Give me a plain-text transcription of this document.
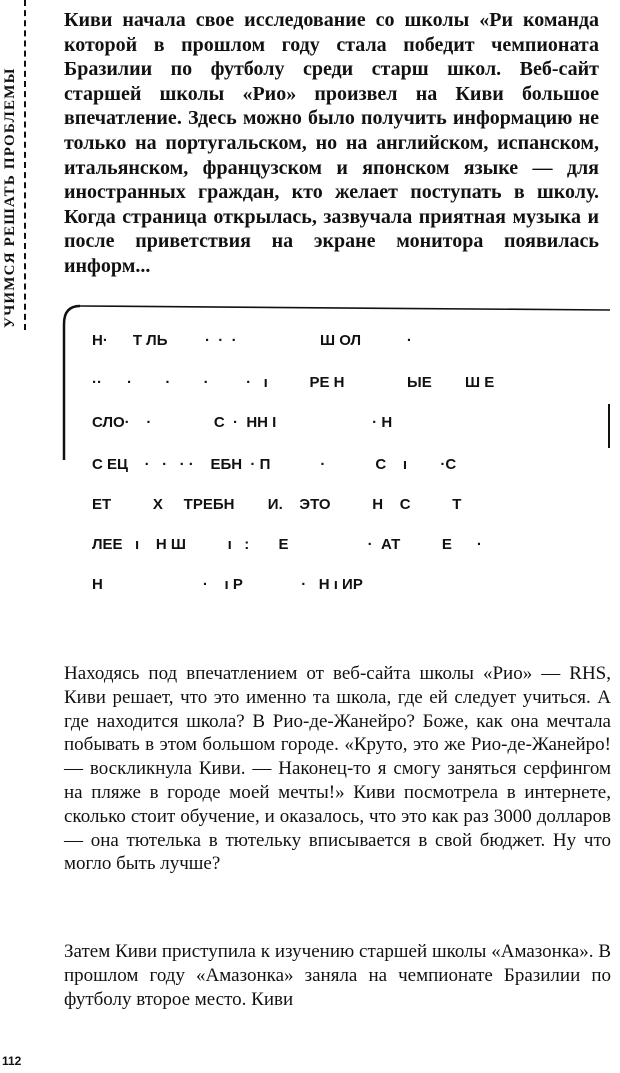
УЧИМСЯ РЕШАТЬ ПРОБЛЕМЫ

Киви начала свое исследование со школы «Ри команда которой в прошлом году стала победит чемпионата Бразилии по футболу среди старш школ. Веб-сайт старшей школы «Рио» произвел на Киви большое впечатление. Здесь можно было получить информацию не только на португальском, но на английском, испанском, итальянском, французском и японском языке — для иностранных граждан, кто желает поступать в школу. Когда страница открылась, зазвучала приятная музыка и после приветствия на экране монитора появилась информ...

Н·      Т ЛЬ         ·  ·  ·                    Ш ОЛ           ·

··      ·        ·        ·         ·   ı          РЕ Н               ЫЕ        Ш Е

СЛО·    ·               С  ·  НН І                       · Н

С ЕЦ    ·   ·   · ·    ЕБН  · П            ·            С    ı        ·С

ЕТ          Х     ТРЕБН        И.    ЭТО          Н    С          Т

ЛЕЕ   ı    Н Ш          ı   :       Е                   ·  АТ          Е      ·

Н                        ·    ı Р              ·   Н ı ИР

Находясь под впечатлением от веб-сайта школы «Рио» — RHS, Киви решает, что это именно та школа, где ей следует учиться. А где находится школа? В Рио-де-Жанейро? Боже, как она мечтала побывать в этом большом городе. «Круто, это же Рио-де-Жанейро! — воскликнула Киви. — Наконец-то я смогу заняться серфингом на пляже в городе моей мечты!» Киви посмотрела в интернете, сколько стоит обучение, и оказалось, что это как раз 3000 долларов — она тютелька в тютельку вписывается в свой бюджет. Ну что могло быть лучше?

Затем Киви приступила к изучению старшей школы «Амазонка». В прошлом году «Амазонка» заняла на чемпионате Бразилии по футболу второе место. Киви

112
